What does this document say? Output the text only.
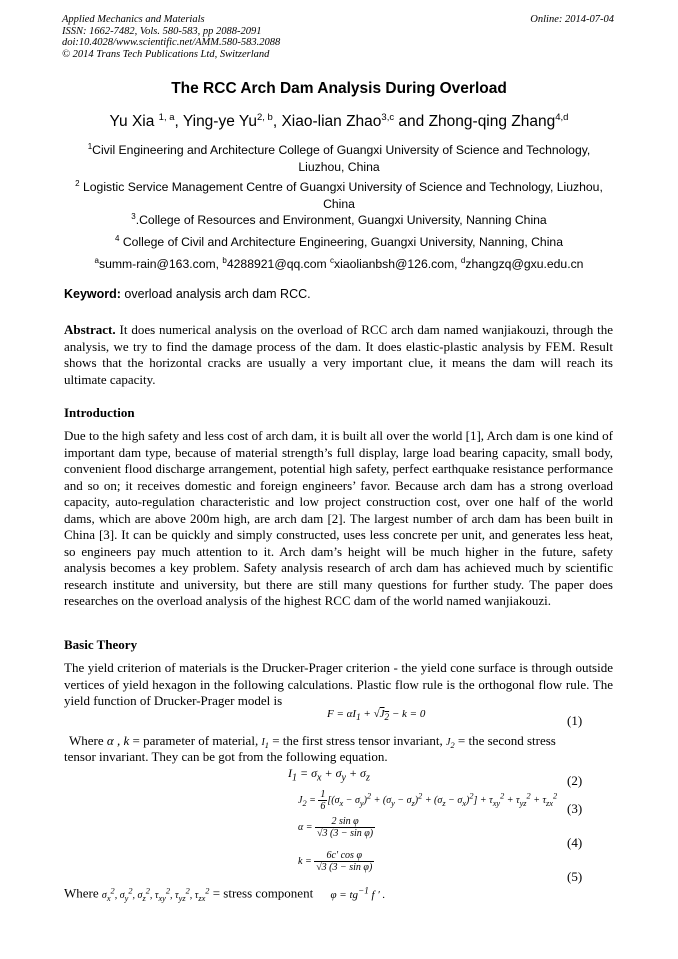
Applied Mechanics and Materials
ISSN: 1662-7482, Vols. 580-583, pp 2088-2091
doi:10.4028/www.scientific.net/AMM.580-583.2088
© 2014 Trans Tech Publications Ltd, Switzerland
Online: 2014-07-04
The RCC Arch Dam Analysis During Overload
Yu Xia $^{1, a}$, Ying-ye Yu$^{2, b}$, Xiao-lian Zhao$^{3,c}$ and Zhong-qing Zhang$^{4,d}$
$^1$Civil Engineering and Architecture College of Guangxi University of Science and Technology, Liuzhou, China
$^2$ Logistic Service Management Centre of Guangxi University of Science and Technology, Liuzhou, China
$^3$.College of Resources and Environment, Guangxi University, Nanning China
$^4$ College of Civil and Architecture Engineering, Guangxi University, Nanning, China
$^a$summ-rain@163.com, $^b$4288921@qq.com $^c$xiaolianbsh@126.com, $^d$zhangzq@gxu.edu.cn
Keyword: overload analysis arch dam RCC.
Abstract. It does numerical analysis on the overload of RCC arch dam named wanjiakouzi, through the analysis, we try to find the damage process of the dam. It does elastic-plastic analysis by FEM. Result shows that the horizontal cracks are usually a very important clue, it means the dam will reach its ultimate capacity.
Introduction
Due to the high safety and less cost of arch dam, it is built all over the world [1], Arch dam is one kind of important dam type, because of material strength’s full display, large load bearing capacity, small body, convenient flood discharge arrangement, potential high safety, perfect earthquake resistance performance and so on; it receives domestic and foreign engineers’ favor. Because arch dam has a strong overload capacity, auto-regulation characteristic and low project construction cost, over one half of the world dams, which are above 200m high, are arch dam [2]. The largest number of arch dam has been built in China [3]. It can be quickly and simply constructed, uses less concrete per unit, and generates less heat, so engineers pay much attention to it. Arch dam’s height will be much higher in the future, safety analysis becomes a key problem. Safety analysis research of arch dam has achieved much by scientific research institute and university, but there are still many questions for further study. The paper does researches on the overload analysis of the highest RCC dam of the world named wanjiakouzi.
Basic Theory
The yield criterion of materials is the Drucker-Prager criterion - the yield cone surface is through outside vertices of yield hexagon in the following calculations. Plastic flow rule is the orthogonal flow rule. The yield function of Drucker-Prager model is
$F = \alpha I_1 + √J_2 - k = 0$	(1)
Where α , k = parameter of material, $I_1$ = the first stress tensor invariant, $J_2$ = the second stress
tensor invariant. They can be got from the following equation.
$I_1 = \sigma_x + \sigma_y + \sigma_z$	(2)
$J_2 = \frac{1}{6} [(\sigma_x - \sigma_y)^2 + (\sigma_y - \sigma_z)^2 + (\sigma_z - \sigma_x)^2] + \tau_{xy}^2 + \tau_{yz}^2 + \tau_{zx}^2$
(3)
$\alpha = \frac{\text{2 sin φ}}{\text{√3 (3 − sin φ)}}$
(4)
$k = \frac{\text{6c′ cos φ}}{\text{√3 (3 − sin φ)}}$
(5)
Where $\sigma_x^2$, $\sigma_y^2$, $\sigma_z^2$, $\tau_{xy}^2$, $\tau_{yz}^2$, $\tau_{zx}^2$ = stress component $\varphi = tg^{-1}$ f ′ .
